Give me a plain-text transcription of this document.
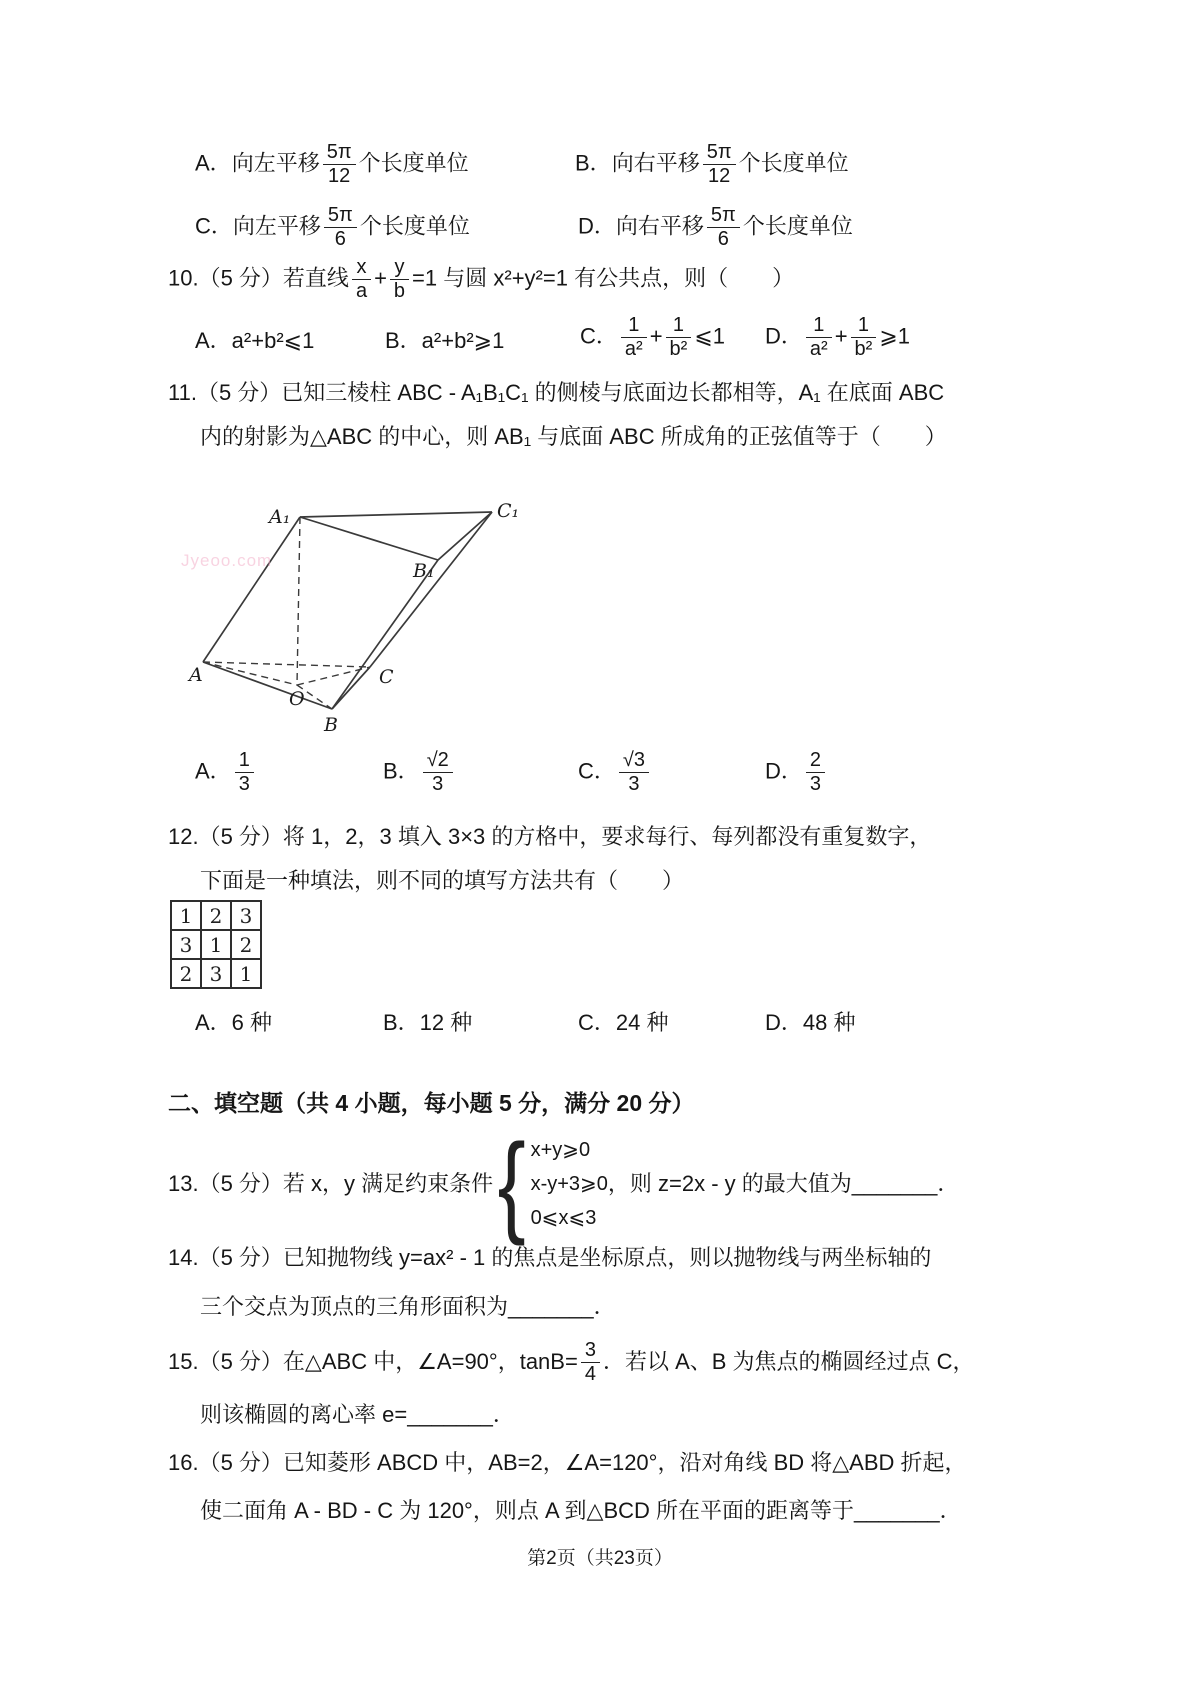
A．向左平移 $\frac{5\pi}{12}$ 个长度单位	B．向右平移 $\frac{5\pi}{12}$ 个长度单位
C．向左平移 $\frac{5\pi}{6}$ 个长度单位	D．向右平移 $\frac{5\pi}{6}$ 个长度单位
10.（5 分）若直线 $\frac{x}{a} + \frac{y}{b} =1$ 与圆 x²+y²=1 有公共点，则（　　）
A．a²+b²⩽1	B．a²+b²⩾1	C． $\frac{1}{\text{a²}} + \frac{1}{\text{b²}}$ ⩽1 D． $\frac{1}{\text{a²}} + \frac{1}{\text{b²}}$ ⩾1
11.（5 分）已知三棱柱 ABC - A₁B₁C₁ 的侧棱与底面边长都相等，A₁ 在底面 ABC
内的射影为△ABC 的中心，则 AB₁ 与底面 ABC 所成角的正弦值等于（　　）
Jyeoo.com
A₁	C₁
B₁
A
O
B
C
A． $\frac{1}{3}$	B． $\frac{√2}{3}$	C． $\frac{√3}{3}$	D． $\frac{2}{3}$
12.（5 分）将 1，2，3 填入 3×3 的方格中，要求每行、每列都没有重复数字，
下面是一种填法，则不同的填写方法共有（　　）
1	2	3
3	1	2
2	3	1
A．6 种	B．12 种	C．24 种	D．48 种
二、填空题（共 4 小题，每小题 5 分，满分 20 分）
13.（5 分）若 x，y 满足约束条件 { x+y⩾0
x-y+3⩾0
0⩽x⩽3
，则 z=2x - y 的最大值为_______．
14.（5 分）已知抛物线 y=ax² - 1 的焦点是坐标原点，则以抛物线与两坐标轴的
三个交点为顶点的三角形面积为_______．
15.（5 分）在△ABC 中，∠A=90°，$\tan B= \frac{3}{4}$ ．若以 A、B 为焦点的椭圆经过点 C，
则该椭圆的离心率 e=_______．
16.（5 分）已知菱形 ABCD 中，AB=2，∠A=120°，沿对角线 BD 将△ABD 折起，
使二面角 A - BD - C 为 120°，则点 A 到△BCD 所在平面的距离等于_______．
第2页（共23页）
